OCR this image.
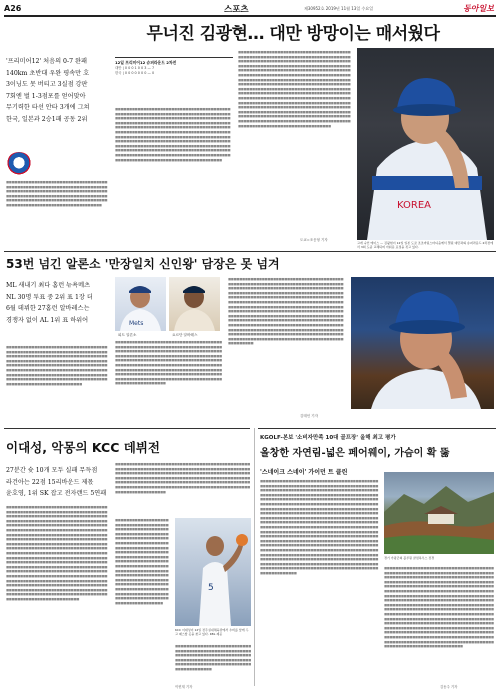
A26	스포츠	제30952호 2019년 11월 13일 수요일	동아일보
무너진 김광현… 대만 방망이는 매서웠다
'프리미어12' 처음의 0-7 완패
140km 초반대 우완 평속만 호
3이닝도 못 버티고 3실점 강판
7회엔 벌 1-3점포를 얻어맞아
무기력한 타선 안타 3개에 그쳐
한국, 일본과 2승1패 공동 2위
■■■■■■■■■■■■■■■■■■■■■■■■■■■■■■■■■■■■■■■■■■■■■■■■■■■■■■■■■■■■■■■■■■■■■■■■■■■■■■■■■■■■■■■■■■■■■■■■■■■■■■■■■■■■■■■■■■■■■■■■■■■■■■■■■■■■■■■■■■■■■■■■■■■■■■■■■■■■■■■■■■■■■■■■■■■■■■■■■■■■■■■■■■■■■■■■■■■■■■■■■■■■■■■■■■■■■■
12일 프리미어12 슈퍼라운드 2차전
대만 | 0 0 0 1 0 0 3 — 7
한국 | 0 0 0 0 0 0 0 — 0
■■■■■■■■■■■■■■■■■■■■■■■■■■■■■■■■■■■■■■■■■■■■■■■■■■■■■■■■■■■■■■■■■■■■■■■■■■■■■■■■■■■■■■■■■■■■■■■■■■■■■■■■■■■■■■■■■■■■■■■■■■■■■■■■■■■■■■■■■■■■■■■■■■■■■■■■■■■■■■■■■■■■■■■■■■■■■■■■■■■■■■■■■■■■■■■■■■■■■■■■■■■■■■■■■■■■■■■■■■■■■■■■■■■■■■■■■■■■■■■■■■■■■■■■■■■■■■■■■■■■■■■■■■■■■■■■■■■■■■■■■■■■■■■■■■■■■■■■■■■■■■■■■■■■■■■■■■■■■■■■■■■■■■■■■■■■■■■■■■■■■■■■■■■■■■■■■■■■■■■■■■■■■■■■■■■■■■■■■■■■■■■■■■■■■■■■■■■■■■■■■■■■■■■■■■■■■■■■■■■■■■■■■■■■■■■■■■■■■■■■■■■■■■■■■■■■■■■■■■■■■■■■■■■■■■■■■■■■■■■■■■■■■■■■■
■■■■■■■■■■■■■■■■■■■■■■■■■■■■■■■■■■■■■■■■■■■■■■■■■■■■■■■■■■■■■■■■■■■■■■■■■■■■■■■■■■■■■■■■■■■■■■■■■■■■■■■■■■■■■■■■■■■■■■■■■■■■■■■■■■■■■■■■■■■■■■■■■■■■■■■■■■■■■■■■■■■■■■■■■■■■■■■■■■■■■■■■■■■■■■■■■■■■■■■■■■■■■■■■■■■■■■■■■■■■■■■■■■■■■■■■■■■■■■■■■■■■■■■■■■■■■■■■■■■■■■■■■■■■■■■■■■■■■■■■■■■■■■■■■■■■■■■■■■■■■■■■■■■■■■■■■■■■■■■■■■■■■■■■■■■■■■■■■■■■■■■■■■■■■■■■■■■■■■■■■■■■■■■■■■■■■■■■■■■■■■■■■■■■■■■■■■■■■■■■■■■■■■■■■■■■■■■■■■■■■■■■■■■■■■■■■■■■■■■■■■■■■■■■■■■■■■■■■■■■■■■■■■■■■■■■■■■■■■■■■■■■■■■■■■■■■■■■■■■■■■■■■■■■■■■■■■■■■■■■■■■■■■■■■■■■■■■■■■■■■■■■■■■■■■■■■■■■■■■■■■■■■■■■■■■■■■■■■■■■■■■■■■■■■■■■■■■■■■■■■■■■■■■■■■■■■■■■■■■■■■■■■■■■■■■■■■■■■■■■■■■■■■■■■■■■■■■■■■■■■■■■■■■■■■■■■
KOREA
고개 숙인 에이스 — 김광현이 12일 일본 도쿄 조조마린스타디움에서 열린 대만과의 슈퍼라운드 2차전에서 3회 도중 교체되며 아쉬운 표정을 짓고 있다.
도쿄=조응형 기자
53번 넘긴 알론소 '만장일치 신인왕' 담장은 못 넘겨
ML 새내기 최다 홈런 뉴욕메츠
NL 30명 투표 중 2위 표 1장 더
6월 데뷔한 27홈런 알바레스는
경쟁자 없이 AL 1위 표 하위어
■■■■■■■■■■■■■■■■■■■■■■■■■■■■■■■■■■■■■■■■■■■■■■■■■■■■■■■■■■■■■■■■■■■■■■■■■■■■■■■■■■■■■■■■■■■■■■■■■■■■■■■■■■■■■■■■■■■■■■■■■■■■■■■■■■■■■■■■■■■■■■■■■■■■■■■■■■■■■■■■■■■■■■■■■■■■■■■■■■■■■■■■■■■■■■■■■■■■■■■■■■■■■■■■■■■■■■■■■■■■■■■■■■■■■■■■■■■■■■■■■■■■■■■■■■■■■■■■■■■■■■■■■■■■■■■■■■■■■■■■■■■■■■■■■■■■■■■■■■■■■■■■■■■■■■■■■■■
Mets
피트 알론소	요르단 알바레스
■■■■■■■■■■■■■■■■■■■■■■■■■■■■■■■■■■■■■■■■■■■■■■■■■■■■■■■■■■■■■■■■■■■■■■■■■■■■■■■■■■■■■■■■■■■■■■■■■■■■■■■■■■■■■■■■■■■■■■■■■■■■■■■■■■■■■■■■■■■■■■■■■■■■■■■■■■■■■■■■■■■■■■■■■■■■■■■■■■■■■■■■■■■■■■■■■■■■■■■■■■■■■■■■■■■■■■■■■■■■■■■■■■■■■■■■■■■■■■■■■■■■■■■■■■■■■■■■■■■■■■■■■■■■■■■■■■■■■■■■■■■■■■■■■■■■■■■■■■■■■■■■■■■■■■■■■■■■■■■■■■■■■■■■■■■■■■■■■■■■■■■■■■■■■■■■■■■■■■■■
■■■■■■■■■■■■■■■■■■■■■■■■■■■■■■■■■■■■■■■■■■■■■■■■■■■■■■■■■■■■■■■■■■■■■■■■■■■■■■■■■■■■■■■■■■■■■■■■■■■■■■■■■■■■■■■■■■■■■■■■■■■■■■■■■■■■■■■■■■■■■■■■■■■■■■■■■■■■■■■■■■■■■■■■■■■■■■■■■■■■■■■■■■■■■■■■■■■■■■■■■■■■■■■■■■■■■■■■■■■■■■■■■■■■■■■■■■■■■■■■■■■■■■■■■■■■■■■■■■■■■■■■■■■■■■■■■■■■■■■■■■■■■■■■■■■■■■■■■■■■■■■■■■■■■■■■■■■■■■■■■■■■■■■■■■■■■■■■■■■■■■■■■■■■■■■■■■■■■■■■■■■■■■■■■■■■■■■■■■■■■■■■■■■■■■■■■■■■■■■■■■■■■■■■■■■■■■■■■■■■■■■■■■■■■■■■■■■■■■■■■■■■■■■■■■■■■■■■■■■■■■■■■■■■■■■■■■■■■■■■■■■■■■■■■■■■■■■■■■■■■■■■■■■■■■■■■■■■■■■■■■■■■■■■■■■■■■■■■■■■■■■■■■■■■■■■■■■■■■■■■■■■■■■■■■■■■■■■■■■■■■■
김태언 기자
이대성, 악몽의 KCC 데뷔전
27분간 슛 10개 모두 실패 무득점
라건아는 22점 15리바운드 제몫
윤호영, 1위 SK 잡고 전자랜드 5연패
■■■■■■■■■■■■■■■■■■■■■■■■■■■■■■■■■■■■■■■■■■■■■■■■■■■■■■■■■■■■■■■■■■■■■■■■■■■■■■■■■■■■■■■■■■■■■■■■■■■■■■■■■■■■■■■■■■■■■■■■■■■■■■■■■■■■■■■■■■■■■■■■■■■■■■■■■■■■■■■■■■■■■■■■■■■■■■■■■■■■■■■■■■■■■■■■■■■■■■■■■■■■■■■■■■■■■■■■■■■■■■■■■■■■■■■■■■■■■■■■■■■■■■■■■■■■■■■■■■■■■■■■■■■■■■■■■■■■■■■■■■■■■■■■■■■■■■■■■■■■■■■■■■■■■■■■■■■■■■■■■■■■■■■■■■■■■■■■■■■■■■■■■■■■■■■■■■■■■■■■■■■■■■■■■■■■■■■■■■■■■■■■■■■■■■■■■■■■■■■■■■■■■■■■■■■■■■■■■■■■■■■■■■■■■■■■■■■■■■■■■■■■■■■■■■■■■■■■■■■■■■■■■■■■■■■■■■■■■■■■■■■■■■■■■■■■■■■■■■■■■■■■■■■■■■■■■■■■■■■■■■■■■■■■■■■■■■■■■■■■■■■■■■■■■■■■■■■■■■■■■■■■■■■■■■■■■■■■■■■■■■■■■■■■■■■■■■■■■■■■■■■■■■■■■■■■■■■■■■■■■■■■■■■■■■■■■■■■■■■■■■■■■■■■■■■■■■■■■■■■■■■■■■■■■■■■■■■■■■■■■■■■■■■■■■■■■■■■■■■■■■■■■■■■■■■■■■■■■■■■■■■■■■■■■■■■■■■■■■■■■■■■■■
■■■■■■■■■■■■■■■■■■■■■■■■■■■■■■■■■■■■■■■■■■■■■■■■■■■■■■■■■■■■■■■■■■■■■■■■■■■■■■■■■■■■■■■■■■■■■■■■■■■■■■■■■■■■■■■■■■■■■■■■■■■■■■■■■■■■■■■■■■■■■■■■■■■■■■■■■■■■■■■■■■■■■■■■■■■■■■■■■■■■■■■■■■■■■■■■■■■■■■■■■■■■■■■■■■■■■■■■■■■■■■■■■■■■■■■■■■■■■■■■■■■■■■■■■■■■■■■■■■■■■■■■■■■■■■■■■■■■■■■■■■■■■■■■■■■■■■■■■■■■■■■■■■
■■■■■■■■■■■■■■■■■■■■■■■■■■■■■■■■■■■■■■■■■■■■■■■■■■■■■■■■■■■■■■■■■■■■■■■■■■■■■■■■■■■■■■■■■■■■■■■■■■■■■■■■■■■■■■■■■■■■■■■■■■■■■■■■■■■■■■■■■■■■■■■■■■■■■■■■■■■■■■■■■■■■■■■■■■■■■■■■■■■■■■■■■■■■■■■■■■■■■■■■■■■■■■■■■■■■■■■■■■■■■■■■■■■■■■■■■■■■■■■■■■■■■■■■■■■■■■■■■■■■■■■■■■■■■■■■■■■■■■■■■■■■■■■■■■■■■■■■■■■■■■■■■■■■■■■■■■■■■■■■■■■■■■■■■■■■■■■■■■■■■■■■■■■■■■■■■■■■■■■
5
KCC 이대성이 12일 전주실내체육관에서 수비를 앞에 두고 패스할 곳을 찾고 있다. KBL 제공
■■■■■■■■■■■■■■■■■■■■■■■■■■■■■■■■■■■■■■■■■■■■■■■■■■■■■■■■■■■■■■■■■■■■■■■■■■■■■■■■■■■■■■■■■■■■■■■■■■■■■■■■■■■■■■■■■■■■■■■■■■■■■■■■■■■■■■■■■■■■■■■■■■■■
이헌재 기자
KGOLF-본보 '소비자만족 10대 골프장' 올해 최고 평가
올창한 자연림-넓은 페어웨이, 가슴이 확 뚫
'스네이크 스네이' 가이던 트 클린
■■■■■■■■■■■■■■■■■■■■■■■■■■■■■■■■■■■■■■■■■■■■■■■■■■■■■■■■■■■■■■■■■■■■■■■■■■■■■■■■■■■■■■■■■■■■■■■■■■■■■■■■■■■■■■■■■■■■■■■■■■■■■■■■■■■■■■■■■■■■■■■■■■■■■■■■■■■■■■■■■■■■■■■■■■■■■■■■■■■■■■■■■■■■■■■■■■■■■■■■■■■■■■■■■■■■■■■■■■■■■■■■■■■■■■■■■■■■■■■■■■■■■■■■■■■■■■■■■■■■■■■■■■■■■■■■■■■■■■■■■■■■■■■■■■■■■■■■■■■■■■■■■■■■■■■■■■■■■■■■■■■■■■■■■■■■■■■■■■■■■■■■■■■■■■■■■■■■■■■■■■■■■■■■■■■■■■■■■■■■■■■■■■■■■■■■■■■■■■■■■■■■■■■■■■■■■■■■■■■■■■■■■■■■■■■■■■■■■■■■■■■■■■■■■■■■■■■■■■■■■■■■■■■■■■■■■■■■■■■■■■■■■■■■■■■■■■■■■■■■■■■■■■■■■■■■■■■■■■■■■■■■■■■■■■■■■■■■■■■■■■■■■■■■■■■■■■■■■■■■■■■■■■■■■■■■■■■■■■■■■■■■■■■■■■■■■■■■■■■■■■■■■■■■■■■■■■■■■■■■■■■■■■■■■■■■■■■■■■■■■■■■■■■■■■■■■■■■■■■■■■■■■■■■■■■■■■■■■■■■■■■■■■■■■■■■■■■■■■■■■■■■■■■■■■■■■■■■■■■■■■■■■■■■■■■■■■■■■■■■■■■■■■■■■■■■■■■■■■■■■■■■■■■■■■■■■■■■■■■■■■■■■■■■■■■■■■■■■■■■■■■■■■■■■■■■■■■■■■■■■■■■■■■■■■■■■■■■■■■■■■■■■■■■■■■■■
경기 가평군의 블루원 클럽하우스 전경
■■■■■■■■■■■■■■■■■■■■■■■■■■■■■■■■■■■■■■■■■■■■■■■■■■■■■■■■■■■■■■■■■■■■■■■■■■■■■■■■■■■■■■■■■■■■■■■■■■■■■■■■■■■■■■■■■■■■■■■■■■■■■■■■■■■■■■■■■■■■■■■■■■■■■■■■■■■■■■■■■■■■■■■■■■■■■■■■■■■■■■■■■■■■■■■■■■■■■■■■■■■■■■■■■■■■■■■■■■■■■■■■■■■■■■■■■■■■■■■■■■■■■■■■■■■■■■■■■■■■■■■■■■■■■■■■■■■■■■■■■■■■■■■■■■■■■■■■■■■■■■■■■■■■■■■■■■■■■■■■■■■■■■■■■■■■■■■■■■■■■■■■■■■■■■■■■■■■■■■■■■■■■■■■■■■■■■■■■■■■■■■■■■■■■■■■■■■■■■■■■■■■■■■■■■■■■■■■■■■■■■■■■■■■■■■■■■■■■■■■■■■■■■■■■■■■■■■■■■■■■■■■■■■■■■■■■■■■■■■■■■■■■■■■■■■■■■■■■■■■■■■■■■■■■■■■■■■■■■■■■■■■■■■■■■■■■■■■■■■■■■■■■■■■■■■■■■■■■■■■■■■■■■■■■■■■■■■■■■■■■■■■■■■■■■■■■■■■■■■■■■■■■■■■■■■■■■■■■■■■■■■■■■■■■■■■■■■■■■■■■■■■■■■■■■■■■■■■■■■■■■■■■■■■■■■■■■■■■■■■■■■■■■■■■■■
김동주 기자
